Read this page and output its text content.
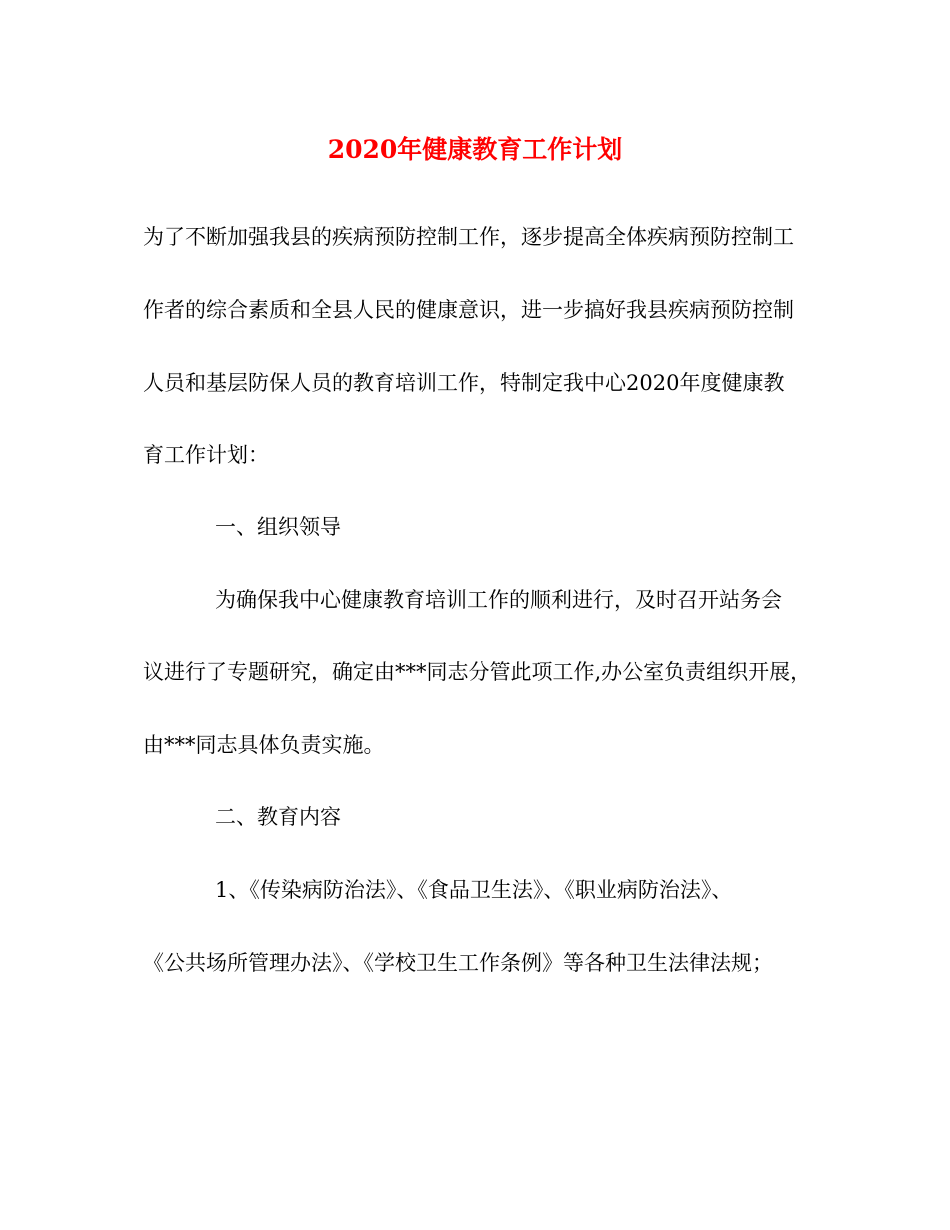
2020年健康教育工作计划
为了不断加强我县的疾病预防控制工作，逐步提高全体疾病预防控制工
作者的综合素质和全县人民的健康意识，进一步搞好我县疾病预防控制
人员和基层防保人员的教育培训工作，特制定我中心2020年度健康教
育工作计划：
一、组织领导
为确保我中心健康教育培训工作的顺利进行，及时召开站务会
议进行了专题研究，确定由***同志分管此项工作,办公室负责组织开展，
由***同志具体负责实施。
二、教育内容
1、《传染病防治法》、《食品卫生法》、《职业病防治法》、
《公共场所管理办法》、《学校卫生工作条例》等各种卫生法律法规；
